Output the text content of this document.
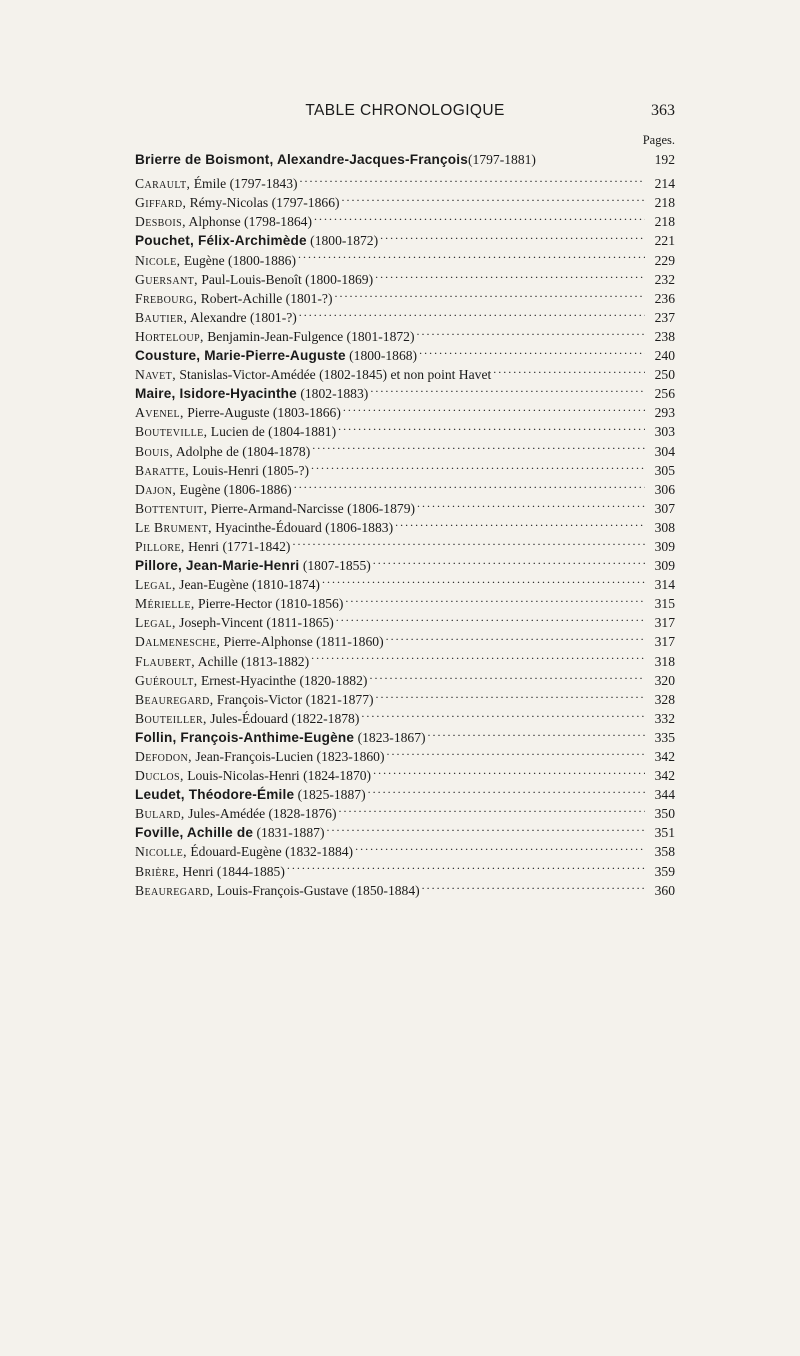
TABLE CHRONOLOGIQUE	363
Pages.
Brierre de Boismont, Alexandre-Jacques-François(1797-1881)	192
Carault, Émile (1797-1843) . . .	214
Giffard, Rémy-Nicolas (1797-1866) . . .	218
Desbois, Alphonse (1798-1864) . . .	218
Pouchet, Félix-Archimède (1800-1872) . . .	221
Nicole, Eugène (1800-1886) . . .	229
Guersant, Paul-Louis-Benoît (1800-1869) . . .	232
Frebourg, Robert-Achille (1801-?) . . .	236
Bautier, Alexandre (1801-?) . . .	237
Horteloup, Benjamin-Jean-Fulgence (1801-1872) . . .	238
Cousture, Marie-Pierre-Auguste (1800-1868) . . .	240
Navet, Stanislas-Victor-Amédée (1802-1845) et non point Havet . . .	250
Maire, Isidore-Hyacinthe (1802-1883) . . .	256
Avenel, Pierre-Auguste (1803-1866) . . .	293
Bouteville, Lucien de (1804-1881) . . .	303
Bouis, Adolphe de (1804-1878) . . .	304
Baratte, Louis-Henri (1805-?) . . .	305
Dajon, Eugène (1806-1886) . . .	306
Bottentuit, Pierre-Armand-Narcisse (1806-1879) . . .	307
Le Brument, Hyacinthe-Édouard (1806-1883) . . .	308
Pillore, Henri (1771-1842) . . .	309
Pillore, Jean-Marie-Henri (1807-1855) . . .	309
Legal, Jean-Eugène (1810-1874) . . .	314
Mérielle, Pierre-Hector (1810-1856) . . .	315
Legal, Joseph-Vincent (1811-1865) . . .	317
Dalmenesche, Pierre-Alphonse (1811-1860) . . .	317
Flaubert, Achille (1813-1882) . . .	318
Guéroult, Ernest-Hyacinthe (1820-1882) . . .	320
Beauregard, François-Victor (1821-1877) . . .	328
Bouteiller, Jules-Édouard (1822-1878) . . .	332
Follin, François-Anthime-Eugène (1823-1867) . . .	335
Defodon, Jean-François-Lucien (1823-1860) . . .	342
Duclos, Louis-Nicolas-Henri (1824-1870) . . .	342
Leudet, Théodore-Émile (1825-1887) . . .	344
Bulard, Jules-Amédée (1828-1876) . . .	350
Foville, Achille de (1831-1887) . . .	351
Nicolle, Édouard-Eugène (1832-1884) . . .	358
Brière, Henri (1844-1885) . . .	359
Beauregard, Louis-François-Gustave (1850-1884) . . .	360
